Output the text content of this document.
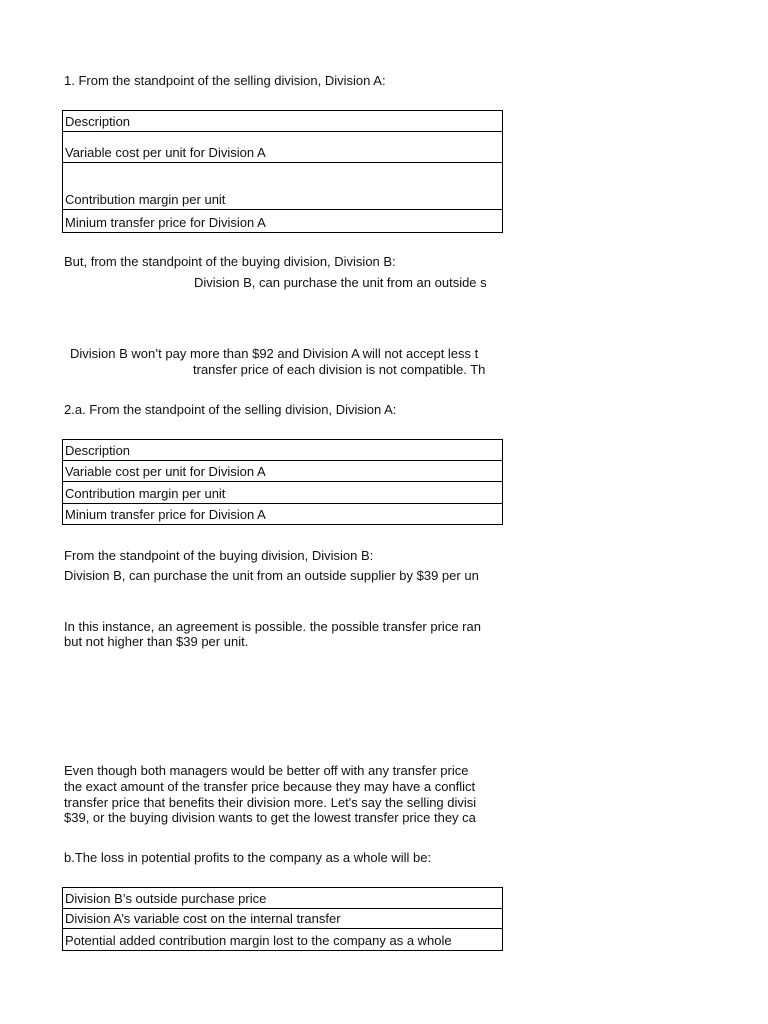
1. From the standpoint of the selling division, Division A:
Description
Variable cost per unit for Division A
Contribution margin per unit
Minium transfer price for Division A
But, from the standpoint of the buying division, Division B:
Division B, can purchase the unit from an outside s
Division B won’t pay more than $92 and Division A will not accept less t
transfer price of each division is not compatible. Th
2.a. From the standpoint of the selling division, Division A:
Description
Variable cost per unit for Division A
Contribution margin per unit
Minium transfer price for Division A
From the standpoint of the buying division, Division B:
Division B, can purchase the unit from an outside supplier by $39 per un
In this instance, an agreement is possible. the possible transfer price ran
but not higher than $39 per unit.
Even though both managers would be better off with any transfer price
the exact amount of the transfer price because they may have a conflict
transfer price that benefits their division more. Let's say the selling divisi
$39, or the buying division wants to get the lowest transfer price they ca
b.The loss in potential profits to the company as a whole will be:
Division B’s outside purchase price
Division A’s variable cost on the internal transfer
Potential added contribution margin lost to the company as a whole
